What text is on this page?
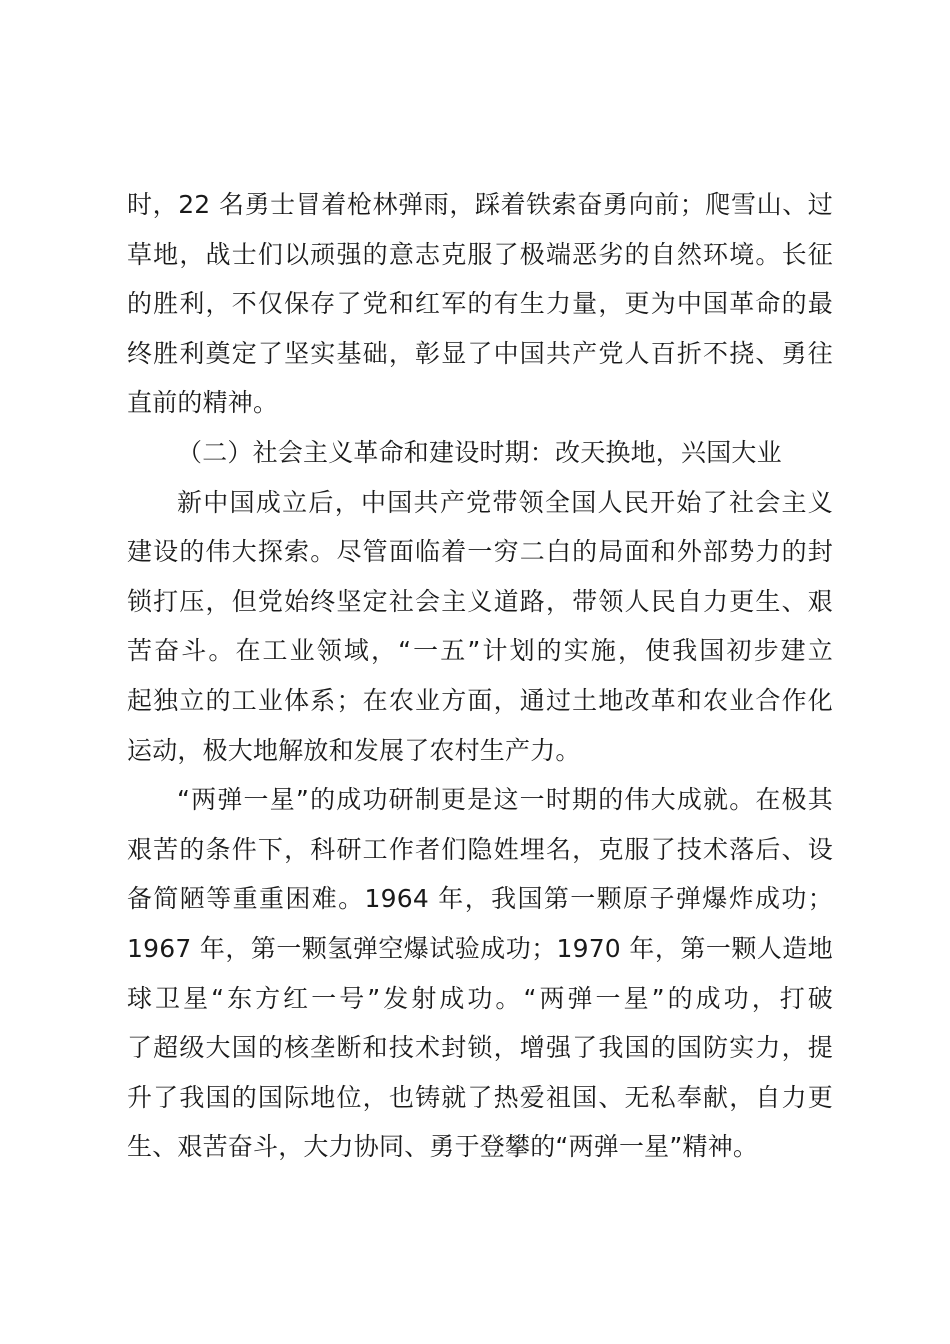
时，22 名勇士冒着枪林弹雨，踩着铁索奋勇向前；爬雪山、过
草地，战士们以顽强的意志克服了极端恶劣的自然环境。长征
的胜利，不仅保存了党和红军的有生力量，更为中国革命的最
终胜利奠定了坚实基础，彰显了中国共产党人百折不挠、勇往
直前的精神。
（二）社会主义革命和建设时期：改天换地，兴国大业
新中国成立后，中国共产党带领全国人民开始了社会主义
建设的伟大探索。尽管面临着一穷二白的局面和外部势力的封
锁打压，但党始终坚定社会主义道路，带领人民自力更生、艰
苦奋斗。在工业领域，“一五”计划的实施，使我国初步建立
起独立的工业体系；在农业方面，通过土地改革和农业合作化
运动，极大地解放和发展了农村生产力。
“两弹一星”的成功研制更是这一时期的伟大成就。在极其
艰苦的条件下，科研工作者们隐姓埋名，克服了技术落后、设
备简陋等重重困难。1964 年，我国第一颗原子弹爆炸成功；
1967 年，第一颗氢弹空爆试验成功；1970 年，第一颗人造地
球卫星“东方红一号”发射成功。“两弹一星”的成功，打破
了超级大国的核垄断和技术封锁，增强了我国的国防实力，提
升了我国的国际地位，也铸就了热爱祖国、无私奉献，自力更
生、艰苦奋斗，大力协同、勇于登攀的“两弹一星”精神。
